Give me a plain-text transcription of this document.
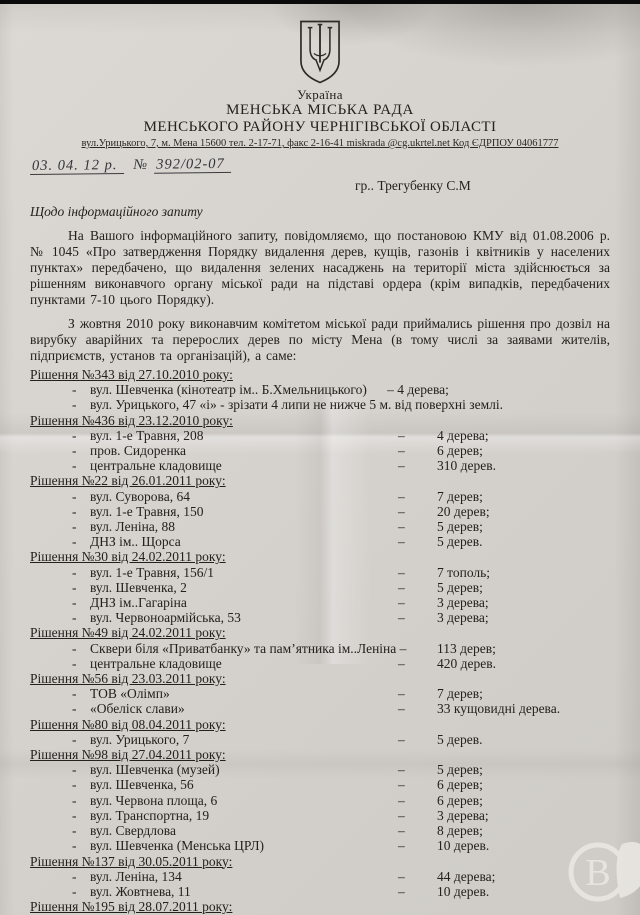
Україна
МЕНСЬКА МІСЬКА РАДА
МЕНСЬКОГО РАЙОНУ ЧЕРНІГІВСЬКОЇ ОБЛАСТІ
вул.Урицького, 7, м. Мена 15600 тел. 2-17-71, факс 2-16-41 miskrada @cg.ukrtel.net Код ЄДРПОУ 04061777
03. 04. 12 р. № 392/02-07
гр.. Трегубенку С.М
Щодо інформаційного запиту

На Вашого інформаційного запиту, повідомляємо, що постановою КМУ від 01.08.2006 р. № 1045 «Про затвердження Порядку видалення дерев, кущів, газонів і квітників у населених пунктах» передбачено, що видалення зелених насаджень на території міста здійснюється за рішенням виконавчого органу міської ради на підставі ордера (крім випадків, передбачених пунктами 7-10 цього Порядку).

З жовтня 2010 року виконавчим комітетом міської ради приймались рішення про дозвіл на вирубку аварійних та перерослих дерев по місту Мена (в тому числі за заявами жителів, підприємств, установ та організацій), а саме:

Рішення №343 від 27.10.2010 року:
- вул. Шевченка (кінотеатр ім.. Б.Хмельницького)      – 4 дерева;
- вул. Урицького, 47 «і» - зрізати 4 липи не нижче 5 м. від поверхні землі.
Рішення №436 від 23.12.2010 року:
- вул. 1-е Травня, 208	– 4 дерева;
- пров. Сидоренка	– 6 дерев;
- центральне кладовище	– 310 дерев.
Рішення №22 від 26.01.2011 року:
- вул. Суворова, 64	– 7 дерев;
- вул. 1-е Травня, 150	– 20 дерев;
- вул. Леніна, 88	– 5 дерев;
- ДНЗ ім.. Щорса	– 5 дерев.
Рішення №30 від 24.02.2011 року:
- вул. 1-е Травня, 156/1	– 7 тополь;
- вул. Шевченка, 2	– 5 дерев;
- ДНЗ ім..Гагаріна	– 3 дерева;
- вул. Червоноармійська, 53	– 3 дерева;
Рішення №49 від 24.02.2011 року:
- Сквери біля «Приватбанку» та пам’ятника ім..Леніна –	113 дерев;
- центральне кладовище	– 420 дерев.
Рішення №56 від 23.03.2011 року:
- ТОВ «Олімп»	– 7 дерев;
- «Обеліск слави»	– 33 кущовидні дерева.
Рішення №80 від 08.04.2011 року:
- вул. Урицького, 7	– 5 дерев.
Рішення №98 від 27.04.2011 року:
- вул. Шевченка (музей)	– 5 дерев;
- вул. Шевченка, 56	– 6 дерев;
- вул. Червона площа, 6	– 6 дерев;
- вул. Транспортна, 19	– 3 дерева;
- вул. Свердлова	– 8 дерев;
- вул. Шевченка (Менська ЦРЛ)	– 10 дерев.
Рішення №137 від 30.05.2011 року:
- вул. Леніна, 134	– 44 дерева;
- вул. Жовтнева, 11	– 10 дерев.
Рішення №195 від 28.07.2011 року:
В
